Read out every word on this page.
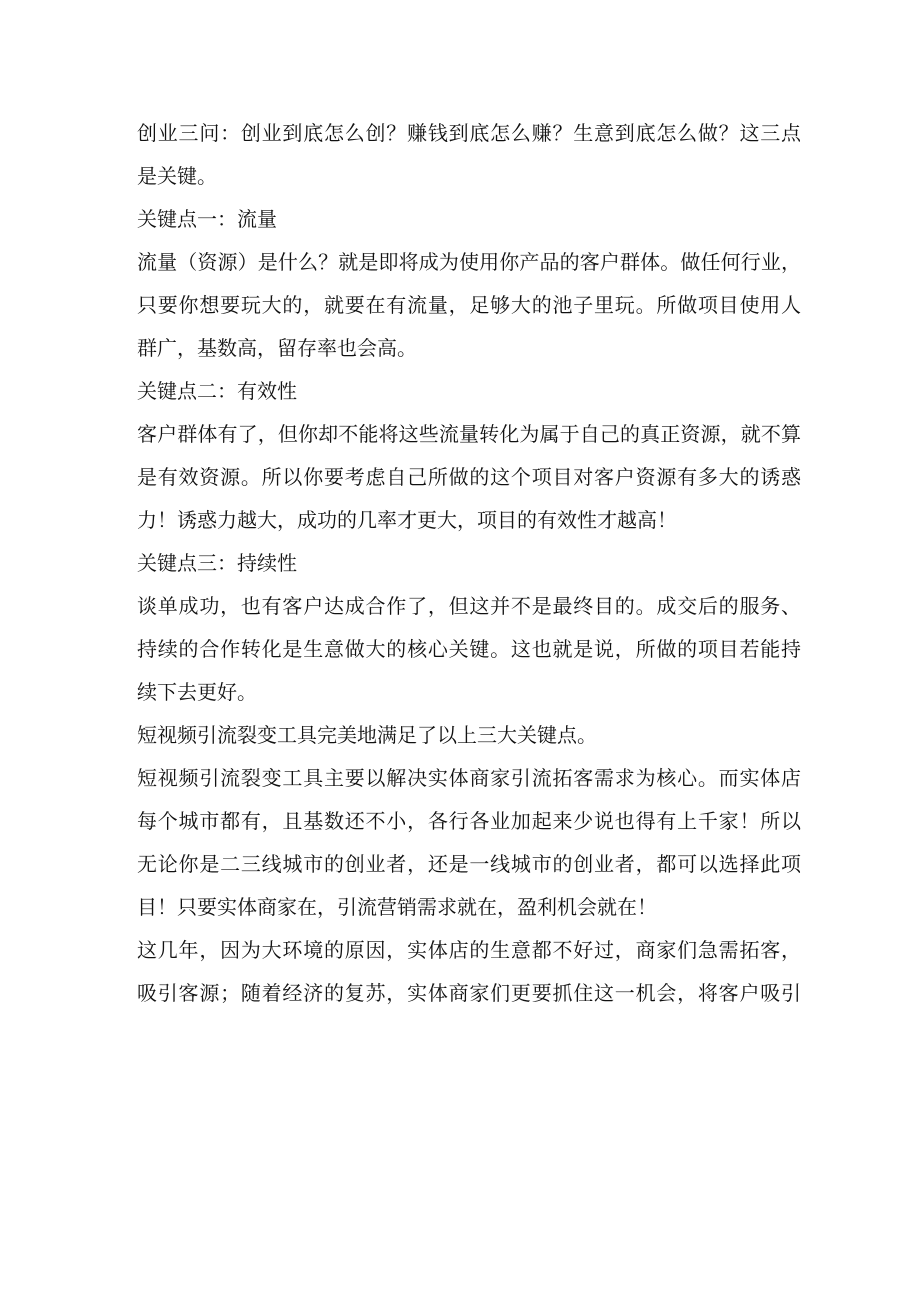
创业三问：创业到底怎么创？赚钱到底怎么赚？生意到底怎么做？这三点
是关键。
关键点一：流量
流量（资源）是什么？就是即将成为使用你产品的客户群体。做任何行业，
只要你想要玩大的，就要在有流量，足够大的池子里玩。所做项目使用人
群广，基数高，留存率也会高。
关键点二：有效性
客户群体有了，但你却不能将这些流量转化为属于自己的真正资源，就不算
是有效资源。所以你要考虑自己所做的这个项目对客户资源有多大的诱惑
力！诱惑力越大，成功的几率才更大，项目的有效性才越高！
关键点三：持续性
谈单成功，也有客户达成合作了，但这并不是最终目的。成交后的服务、
持续的合作转化是生意做大的核心关键。这也就是说，所做的项目若能持
续下去更好。
短视频引流裂变工具完美地满足了以上三大关键点。
短视频引流裂变工具主要以解决实体商家引流拓客需求为核心。而实体店
每个城市都有，且基数还不小，各行各业加起来少说也得有上千家！所以
无论你是二三线城市的创业者，还是一线城市的创业者，都可以选择此项
目！只要实体商家在，引流营销需求就在，盈利机会就在！
这几年，因为大环境的原因，实体店的生意都不好过，商家们急需拓客，
吸引客源；随着经济的复苏，实体商家们更要抓住这一机会，将客户吸引
